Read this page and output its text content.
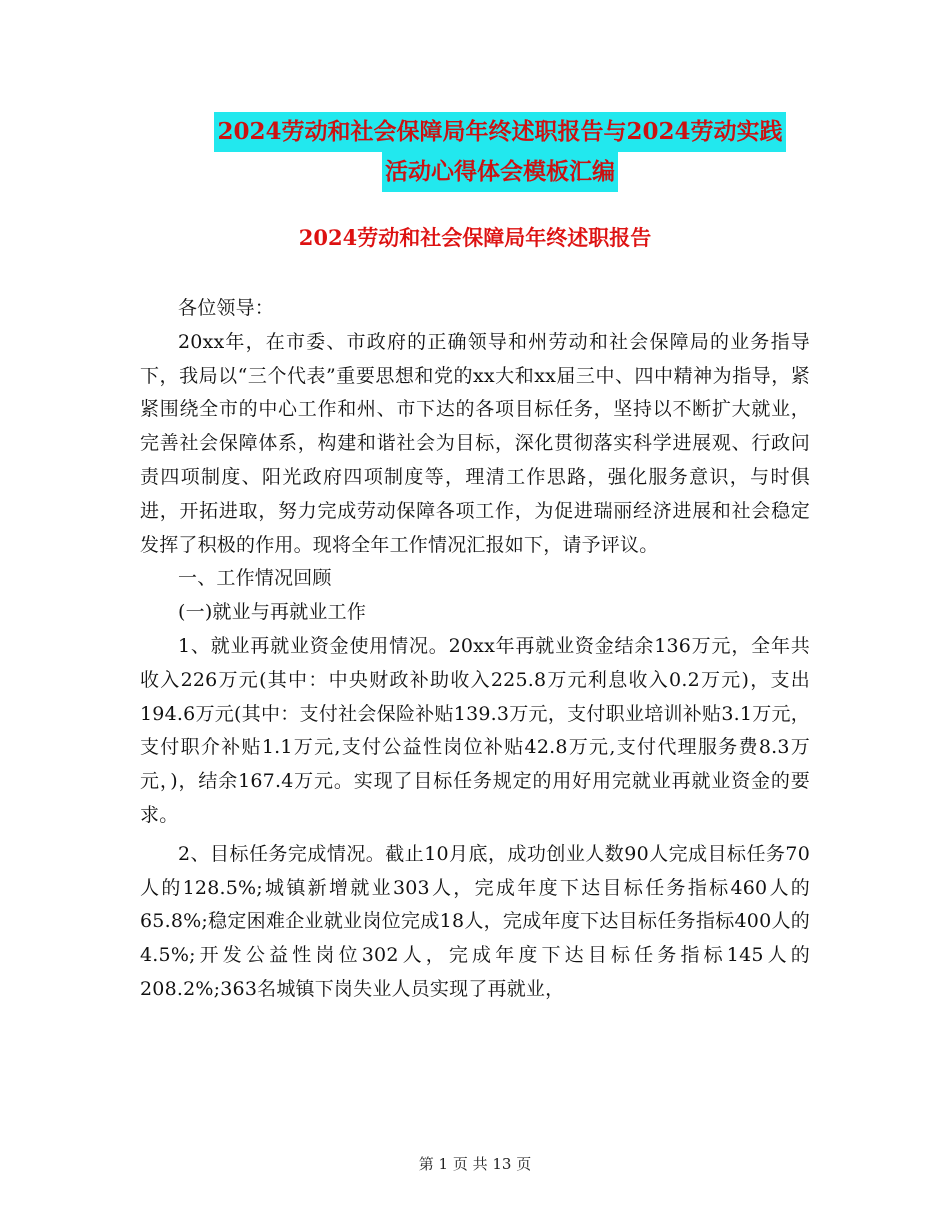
2024劳动和社会保障局年终述职报告与2024劳动实践
活动心得体会模板汇编
2024劳动和社会保障局年终述职报告

各位领导：

20xx年，在市委、市政府的正确领导和州劳动和社会保障局的业务指导下，我局以“三个代表”重要思想和党的xx大和xx届三中、四中精神为指导，紧紧围绕全市的中心工作和州、市下达的各项目标任务，坚持以不断扩大就业，完善社会保障体系，构建和谐社会为目标，深化贯彻落实科学进展观、行政问责四项制度、阳光政府四项制度等，理清工作思路，强化服务意识，与时俱进，开拓进取，努力完成劳动保障各项工作，为促进瑞丽经济进展和社会稳定发挥了积极的作用。现将全年工作情况汇报如下，请予评议。

一、工作情况回顾

(一)就业与再就业工作

1、就业再就业资金使用情况。20xx年再就业资金结余136万元，全年共收入226万元(其中：中央财政补助收入225.8万元利息收入0.2万元)，支出194.6万元(其中：支付社会保险补贴139.3万元，支付职业培训补贴3.1万元，支付职介补贴1.1万元,支付公益性岗位补贴42.8万元,支付代理服务费8.3万元，)，结余167.4万元。实现了目标任务规定的用好用完就业再就业资金的要求。

2、目标任务完成情况。截止10月底，成功创业人数90人完成目标任务70人的128.5%;城镇新增就业303人，完成年度下达目标任务指标460人的65.8%;稳定困难企业就业岗位完成18人，完成年度下达目标任务指标400人的4.5%;开发公益性岗位302人，完成年度下达目标任务指标145人的208.2%;363名城镇下岗失业人员实现了再就业，

第 1 页 共 13 页
